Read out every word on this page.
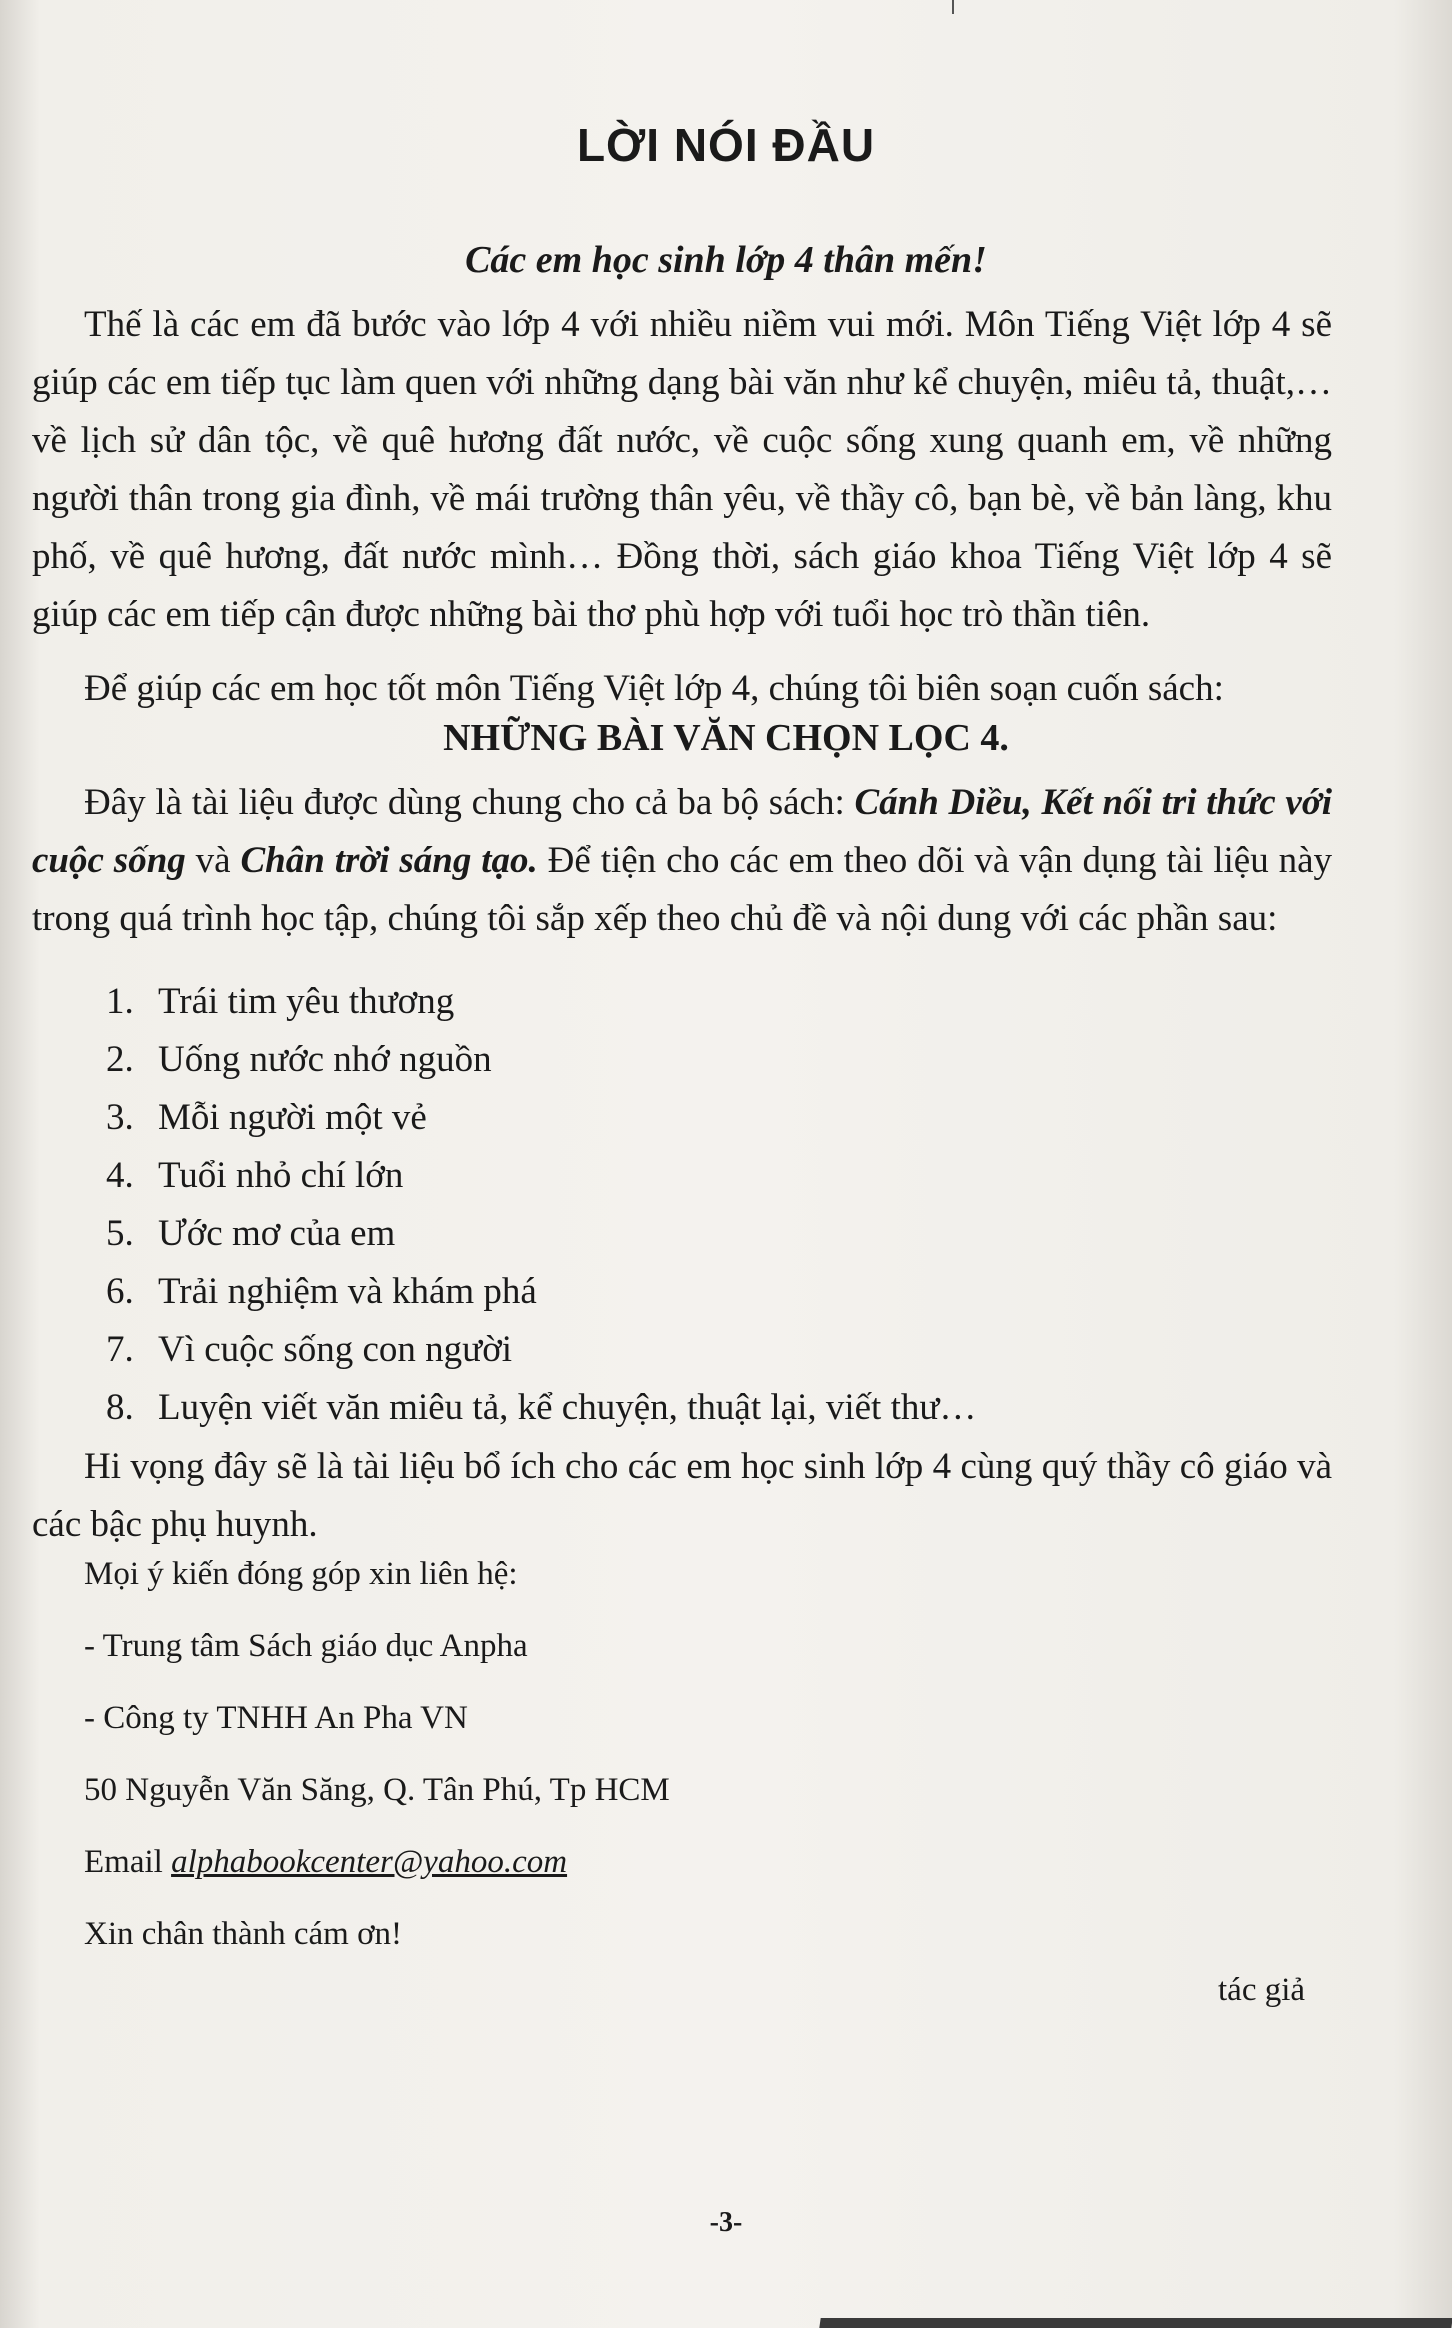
LỜI NÓI ĐẦU
Các em học sinh lớp 4 thân mến!
Thế là các em đã bước vào lớp 4 với nhiều niềm vui mới. Môn Tiếng Việt lớp 4 sẽ giúp các em tiếp tục làm quen với những dạng bài văn như kể chuyện, miêu tả, thuật,…về lịch sử dân tộc, về quê hương đất nước, về cuộc sống xung quanh em, về những người thân trong gia đình, về mái trường thân yêu, về thầy cô, bạn bè, về bản làng, khu phố, về quê hương, đất nước mình… Đồng thời, sách giáo khoa Tiếng Việt lớp 4 sẽ giúp các em tiếp cận được những bài thơ phù hợp với tuổi học trò thần tiên.
Để giúp các em học tốt môn Tiếng Việt lớp 4, chúng tôi biên soạn cuốn sách:
NHỮNG BÀI VĂN CHỌN LỌC 4.
Đây là tài liệu được dùng chung cho cả ba bộ sách: Cánh Diều, Kết nối tri thức với cuộc sống và Chân trời sáng tạo. Để tiện cho các em theo dõi và vận dụng tài liệu này trong quá trình học tập, chúng tôi sắp xếp theo chủ đề và nội dung với các phần sau:
1. Trái tim yêu thương
2. Uống nước nhớ nguồn
3. Mỗi người một vẻ
4. Tuổi nhỏ chí lớn
5. Ước mơ của em
6. Trải nghiệm và khám phá
7. Vì cuộc sống con người
8. Luyện viết văn miêu tả, kể chuyện, thuật lại, viết thư…
Hi vọng đây sẽ là tài liệu bổ ích cho các em học sinh lớp 4 cùng quý thầy cô giáo và các bậc phụ huynh.
Mọi ý kiến đóng góp xin liên hệ:
- Trung tâm Sách giáo dục Anpha
- Công ty TNHH An Pha VN
50 Nguyễn Văn Săng, Q. Tân Phú, Tp HCM
Email alphabookcenter@yahoo.com
Xin chân thành cám ơn!
tác giả
-3-
